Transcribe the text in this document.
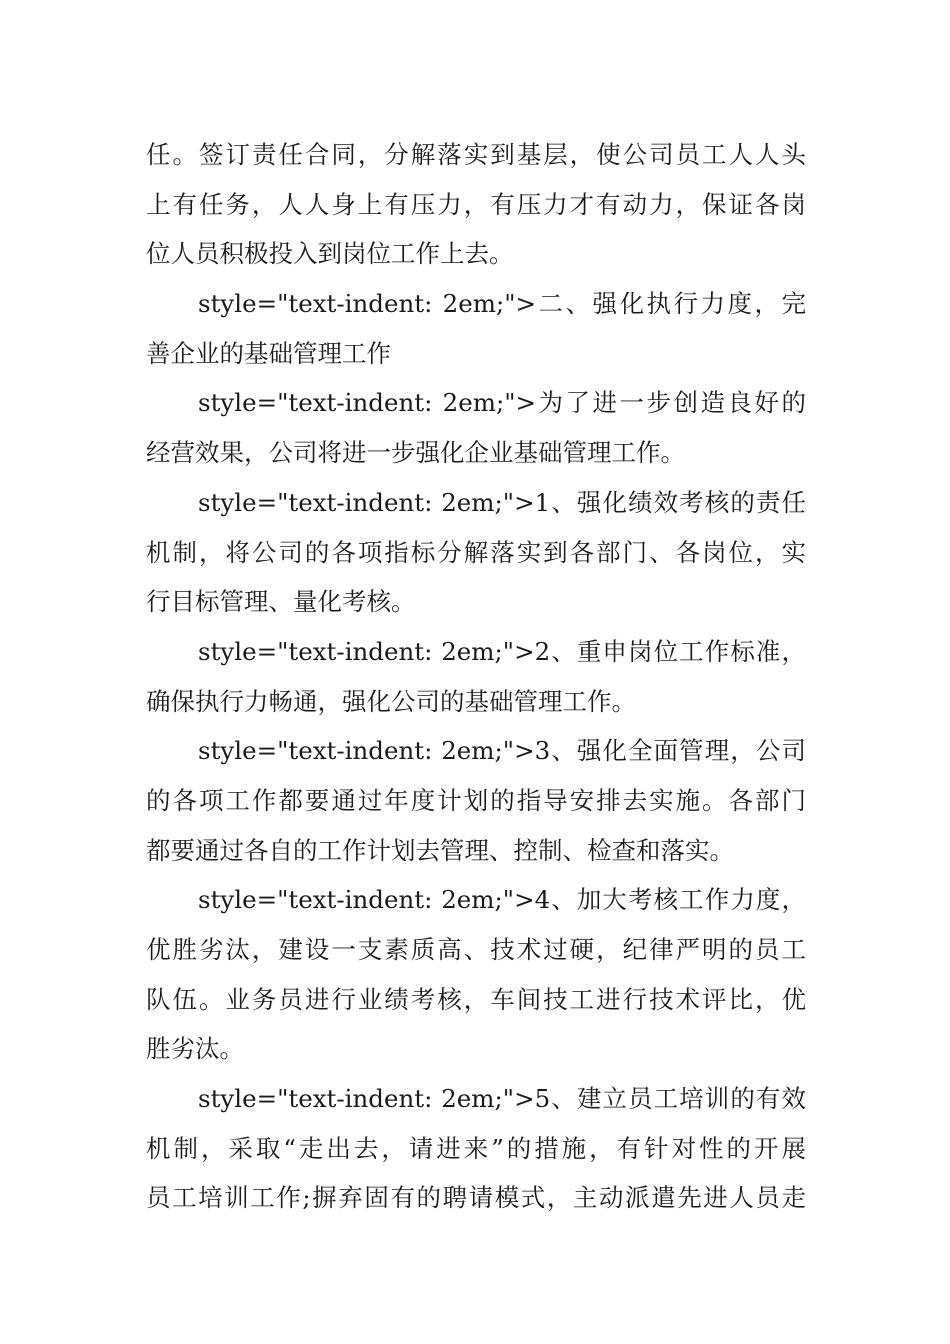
任。签订责任合同，分解落实到基层，使公司员工人人头
上有任务，人人身上有压力，有压力才有动力，保证各岗
位人员积极投入到岗位工作上去。
style="text-indent: 2em;">二、强化执行力度，完
善企业的基础管理工作
style="text-indent: 2em;">为了进一步创造良好的
经营效果，公司将进一步强化企业基础管理工作。
style="text-indent: 2em;">1、强化绩效考核的责任
机制，将公司的各项指标分解落实到各部门、各岗位，实
行目标管理、量化考核。
style="text-indent: 2em;">2、重申岗位工作标准，
确保执行力畅通，强化公司的基础管理工作。
style="text-indent: 2em;">3、强化全面管理，公司
的各项工作都要通过年度计划的指导安排去实施。各部门
都要通过各自的工作计划去管理、控制、检查和落实。
style="text-indent: 2em;">4、加大考核工作力度，
优胜劣汰，建设一支素质高、技术过硬，纪律严明的员工
队伍。业务员进行业绩考核，车间技工进行技术评比，优
胜劣汰。
style="text-indent: 2em;">5、建立员工培训的有效
机制，采取“走出去，请进来”的措施，有针对性的开展
员工培训工作;摒弃固有的聘请模式，主动派遣先进人员走
